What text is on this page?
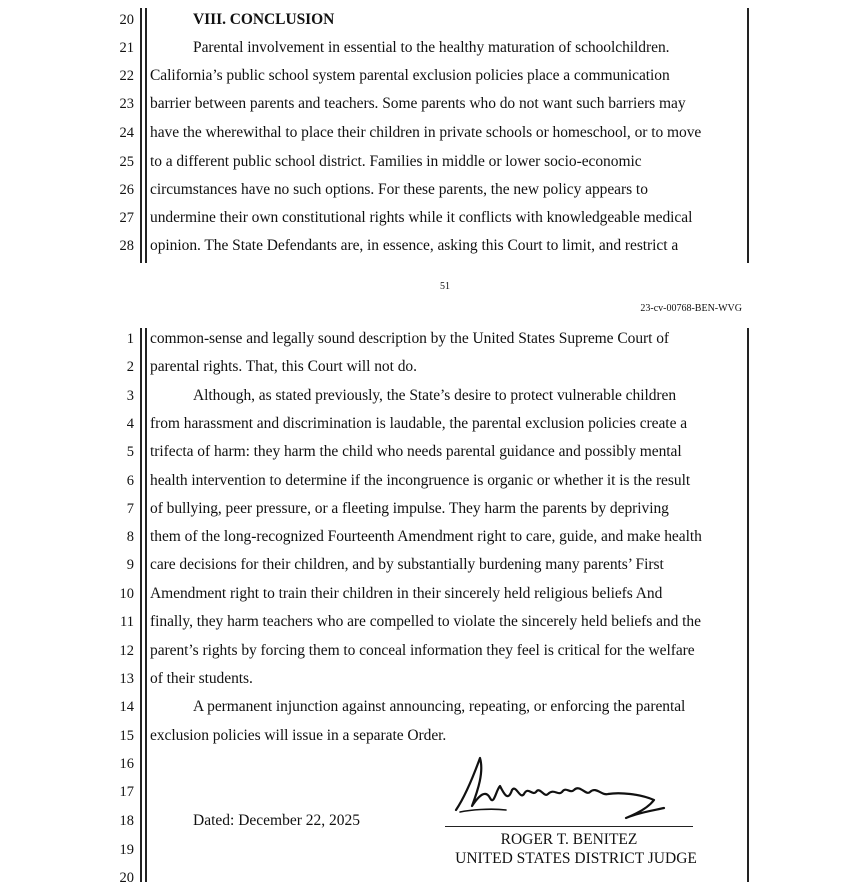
20
21
22
23
24
25
26
27
28
VIII. CONCLUSION
Parental involvement in essential to the healthy maturation of schoolchildren.
California’s public school system parental exclusion policies place a communication
barrier between parents and teachers. Some parents who do not want such barriers may
have the wherewithal to place their children in private schools or homeschool, or to move
to a different public school district. Families in middle or lower socio-economic
circumstances have no such options. For these parents, the new policy appears to
undermine their own constitutional rights while it conflicts with knowledgeable medical
opinion. The State Defendants are, in essence, asking this Court to limit, and restrict a
51
23-cv-00768-BEN-WVG
1
2
3
4
5
6
7
8
9
10
11
12
13
14
15
16
17
18
19
20
common-sense and legally sound description by the United States Supreme Court of
parental rights. That, this Court will not do.
Although, as stated previously, the State’s desire to protect vulnerable children
from harassment and discrimination is laudable, the parental exclusion policies create a
trifecta of harm: they harm the child who needs parental guidance and possibly mental
health intervention to determine if the incongruence is organic or whether it is the result
of bullying, peer pressure, or a fleeting impulse. They harm the parents by depriving
them of the long-recognized Fourteenth Amendment right to care, guide, and make health
care decisions for their children, and by substantially burdening many parents’ First
Amendment right to train their children in their sincerely held religious beliefs And
finally, they harm teachers who are compelled to violate the sincerely held beliefs and the
parent’s rights by forcing them to conceal information they feel is critical for the welfare
of their students.
A permanent injunction against announcing, repeating, or enforcing the parental
exclusion policies will issue in a separate Order.
Dated: December 22, 2025
ROGER T. BENITEZ
UNITED STATES DISTRICT JUDGE
